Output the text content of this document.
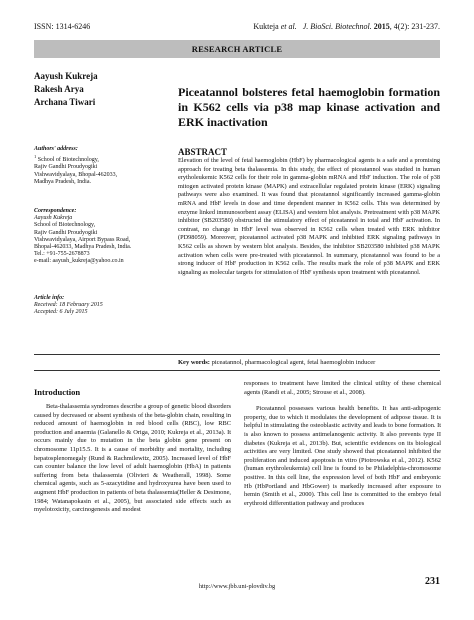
ISSN: 1314-6246	Kukteja et al. J. BioSci. Biotechnol. 2015, 4(2): 231-237.
RESEARCH ARTICLE
Aayush Kukreja
Rakesh Arya
Archana Tiwari
Authors' address:
$^1$ School of Biotechnology,
Rajiv Gandhi Proudyogiki
Vishwavidyalaya, Bhopal-462033,
Madhya Pradesh, India.
Correspondence:
Aayush Kukreja
School of Biotechnology,
Rajiv Gandhi Proudyogiki
Vishwavidyalaya, Airport Bypass Road,
Bhopal-462033, Madhya Pradesh, India.
Tel.: +91-755-2678873
e-mail: aayush_kukreja@yahoo.co.in
Article info:
Received: 18 February 2015
Accepted: 6 July 2015
Piceatannol bolsteres fetal haemoglobin formation in K562 cells via p38 map kinase activation and ERK inactivation
ABSTRACT
Elevation of the level of fetal haemoglobin (HbF) by pharmacological agents is a safe and a promising approach for treating beta thalassemia. In this study, the effect of piceatannol was studied in human erytholeukemic K562 cells for their role in gamma-globin mRNA and HbF induction. The role of p38 mitogen activated protein kinase (MAPK) and extracellular regulated protein kinase (ERK) signaling pathways were also examined. It was found that piceatannol significantly increased gamma-globin mRNA and HbF levels in dose and time dependent manner in K562 cells. This was determined by enzyme linked immunosorbent assay (ELISA) and western blot analysis. Pretreatment with p38 MAPK inhibitor (SB203580) obstructed the stimulatory effect of piceatannol in total and HbF activation. In contrast, no change in HbF level was observed in K562 cells when treated with ERK inhibitor (PD98059). Moreover, piceatannol activated p38 MAPK and inhibited ERK signaling pathways in K562 cells as shown by western blot analysis. Besides, the inhibitor SB203580 inhibited p38 MAPK activation when cells were pre-treated with piceatannol. In summary, piceatannol was found to be a strong inducer of HbF production in K562 cells. The results mark the role of p38 MAPK and ERK signaling as molecular targets for stimulation of HbF synthesis upon treatment with piceatannol.
Key words: piceatannol, pharmacological agent, fetal haemoglobin inducer
Introduction

Beta-thalassemia syndromes describe a group of genetic blood disorders caused by decreased or absent synthesis of the beta-globin chain, resulting in reduced amount of haemoglobin in red blood cells (RBC), low RBC production and anaemia (Galanello & Origa, 2010; Kukreja et al., 2013a). It occurs mainly due to mutation in the beta globin gene present on chromosome 11p15.5. It is a cause of morbidity and mortality, including hepatosplenomegaly (Rund & Rachmilewitz, 2005). Increased level of HbF can counter balance the low level of adult haemoglobin (HbA) in patients suffering from beta thalassemia (Olivieri & Weatherall, 1998). Some chemical agents, such as 5-azacytidine and hydroxyurea have been used to augment HbF production in patients of beta thalassemia(Heller & Desimone, 1984; Watanapokasin et al., 2005), but associated side effects such as myelotoxicity, carcinogenesis and modest

responses to treatment have limited the clinical utility of these chemical agents (Randi et al., 2005; Strouse et al., 2008).

Piceatannol possesses various health benefits. It has anti-adipogenic property, due to which it modulates the development of adipose tissue. It is helpful in stimulating the osteoblastic activity and leads to bone formation. It is also known to possess antimelanogenic activity. It also prevents type II diabetes (Kukreja et al., 2013b). But, scientific evidences on its biological activities are very limited. One study showed that piceatannol inhibited the proliferation and induced apoptosis in vitro (Piotrowska et al., 2012). K562 (human erythroleukemia) cell line is found to be Philadelphia-chromosome positive. In this cell line, the expression level of both HbF and embryonic Hb (HbPortland and HbGower) is markedly increased after exposure to hemin (Smith et al., 2000). This cell line is committed to the embryo fetal erythroid differentiation pathway and produces

231
http://www.jbb.uni-plovdiv.bg
